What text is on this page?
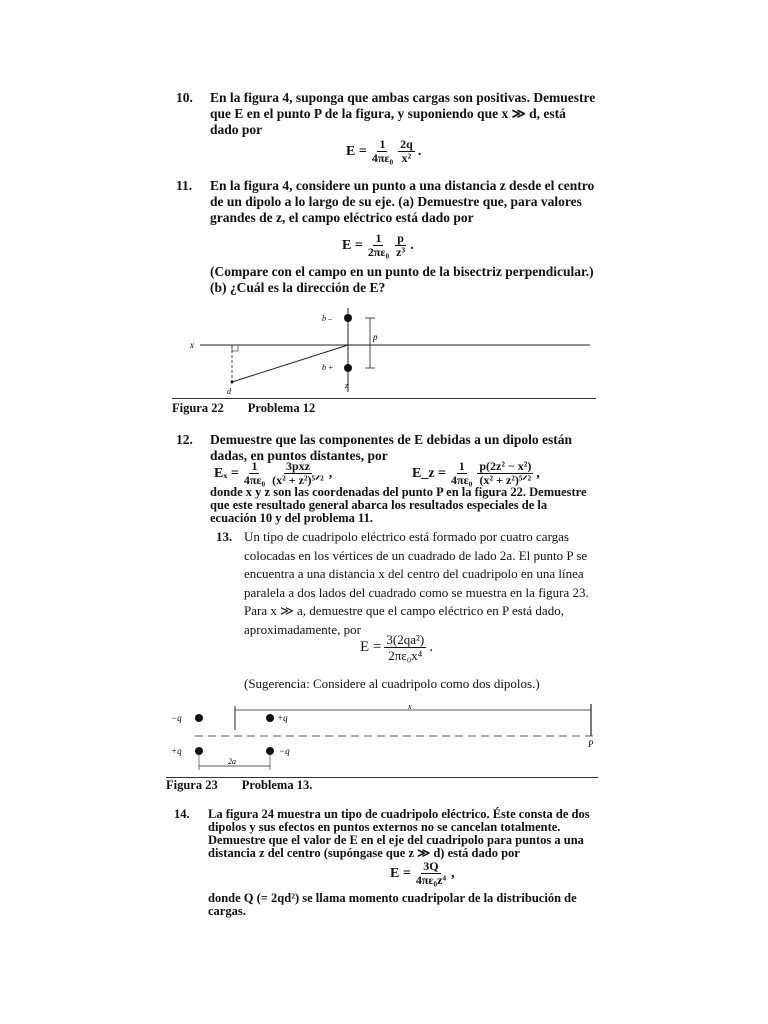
10. En la figura 4, suponga que ambas cargas son positivas. Demuestre que E en el punto P de la figura, y suponiendo que x ≫ d, está dado por
$E = \frac{1}{\text{4πε₀}} \frac{2q}{\text{x²}}$ .
11. En la figura 4, considere un punto a una distancia z desde el centro de un dipolo a lo largo de su eje. (a) Demuestre que, para valores grandes de z, el campo eléctrico está dado por
$E = \frac{1}{\text{2πε₀}} \frac{p}{\text{z³}}$ .
(Compare con el campo en un punto de la bisectriz perpendicular.) (b) ¿Cuál es la dirección de E?
x
b –
b +
p
d
z
Figura 22 Problema 12
12. Demuestre que las componentes de E debidas a un dipolo están dadas, en puntos distantes, por
$E_x = \frac{1}{\text{4πε₀}} \frac{\text{3pxz}}{\text{(x² + z²)⁵ᐟ²}}$ ,	E_z = $\frac{1}{\text{4πε₀}} \frac{\text{p(2z² − x²)}}{\text{(x² + z²)⁵ᐟ²}}$ ,
donde x y z son las coordenadas del punto P en la figura 22. Demuestre que este resultado general abarca los resultados especiales de la ecuación 10 y del problema 11.
13. Un tipo de cuadripolo eléctrico está formado por cuatro cargas colocadas en los vértices de un cuadrado de lado 2a. El punto P se encuentra a una distancia x del centro del cuadripolo en una línea paralela a dos lados del cuadrado como se muestra en la figura 23. Para x ≫ a, demuestre que el campo eléctrico en P está dado, aproximadamente, por
$E = \frac{\text{3(2qa²)}}{\text{2πε₀x⁴}}$ .
(Sugerencia: Considere al cuadripolo como dos dipolos.)
−q	+q
x
P
+q	−q
2a
Figura 23 Problema 13.
14. La figura 24 muestra un tipo de cuadripolo eléctrico. Éste consta de dos dipolos y sus efectos en puntos externos no se cancelan totalmente. Demuestre que el valor de E en el eje del cuadripolo para puntos a una distancia z del centro (supóngase que z ≫ d) está dado por
$E = \frac{3Q}{\text{4πε₀z⁴}}$ ,
donde Q (= 2qd²) se llama momento cuadripolar de la distribución de cargas.
